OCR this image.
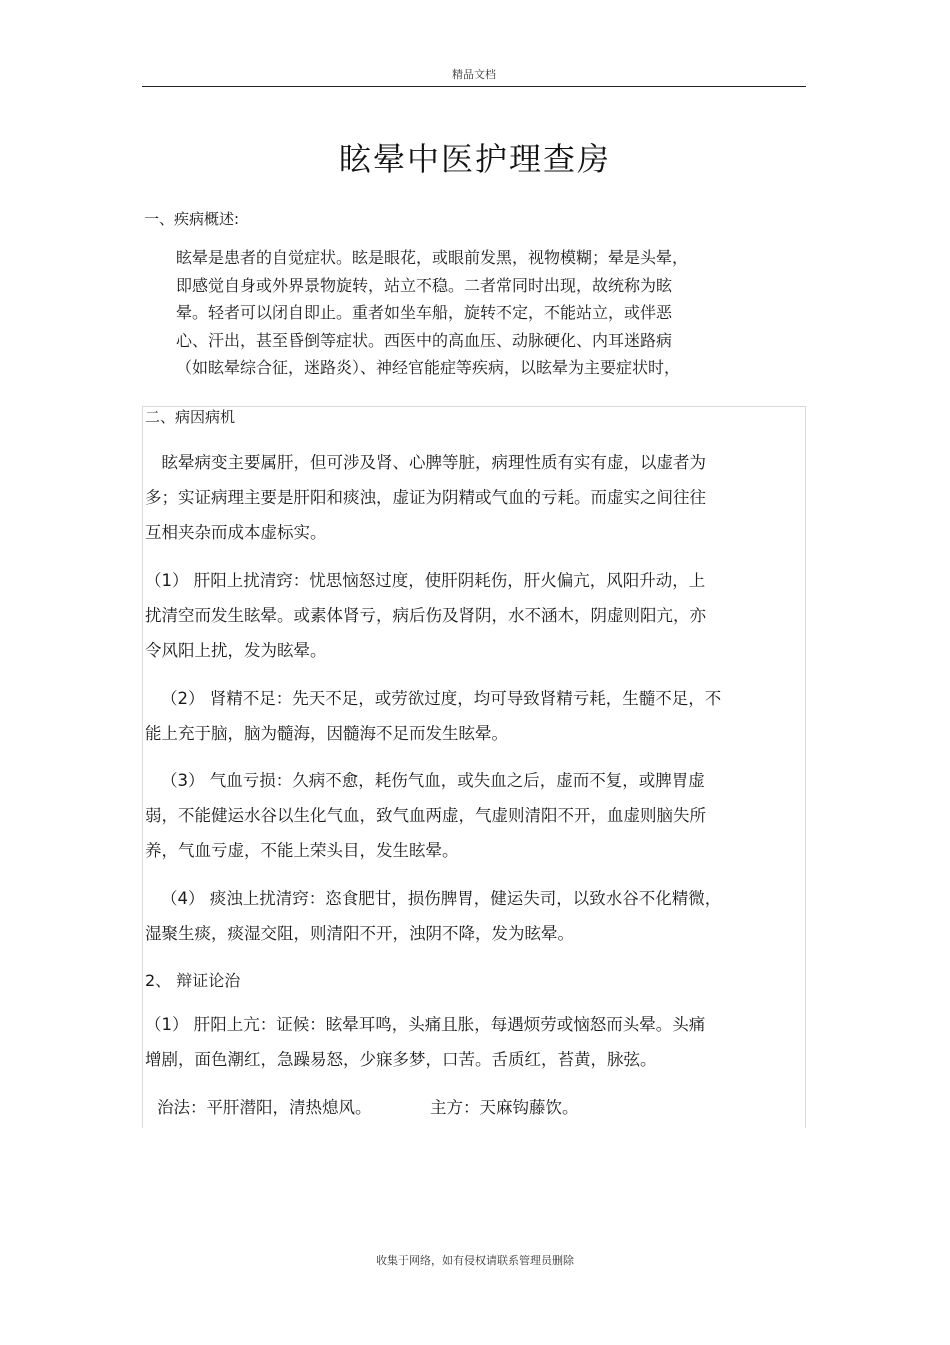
精品文档
眩晕中医护理查房
一、疾病概述:
眩晕是患者的自觉症状。眩是眼花，或眼前发黑，视物模糊；晕是头晕，
即感觉自身或外界景物旋转，站立不稳。二者常同时出现，故统称为眩
晕。轻者可以闭自即止。重者如坐车船，旋转不定，不能站立，或伴恶
心、汗出，甚至昏倒等症状。西医中的高血压、动脉硬化、内耳迷路病
（如眩晕综合征，迷路炎）、神经官能症等疾病，以眩晕为主要症状时，
二、病因病机
　眩晕病变主要属肝，但可涉及肾、心脾等脏，病理性质有实有虚，以虚者为
多；实证病理主要是肝阳和痰浊，虚证为阴精或气血的亏耗。而虚实之间往往
互相夹杂而成本虚标实。
（1） 肝阳上扰清窍：忧思恼怒过度，使肝阴耗伤，肝火偏亢，风阳升动，上
扰清空而发生眩晕。或素体肾亏，病后伤及肾阴，水不涵木，阴虚则阳亢，亦
令风阳上扰，发为眩晕。
（2） 肾精不足：先天不足，或劳欲过度，均可导致肾精亏耗，生髓不足，不
能上充于脑，脑为髓海，因髓海不足而发生眩晕。
（3） 气血亏损：久病不愈，耗伤气血，或失血之后，虚而不复，或脾胃虚
弱，不能健运水谷以生化气血，致气血两虚，气虚则清阳不开，血虚则脑失所
养，气血亏虚，不能上荣头目，发生眩晕。
（4） 痰浊上扰清窍：恣食肥甘，损伤脾胃，健运失司，以致水谷不化精微，
湿聚生痰，痰湿交阻，则清阳不开，浊阴不降，发为眩晕。
2、 辩证论治
（1） 肝阳上亢：证候：眩晕耳鸣，头痛且胀，每遇烦劳或恼怒而头晕。头痛
增剧，面色潮红，急躁易怒，少寐多梦，口苦。舌质红，苔黄，脉弦。
治法：平肝潜阳，清热熄风。	主方：天麻钩藤饮。
收集于网络，如有侵权请联系管理员删除
